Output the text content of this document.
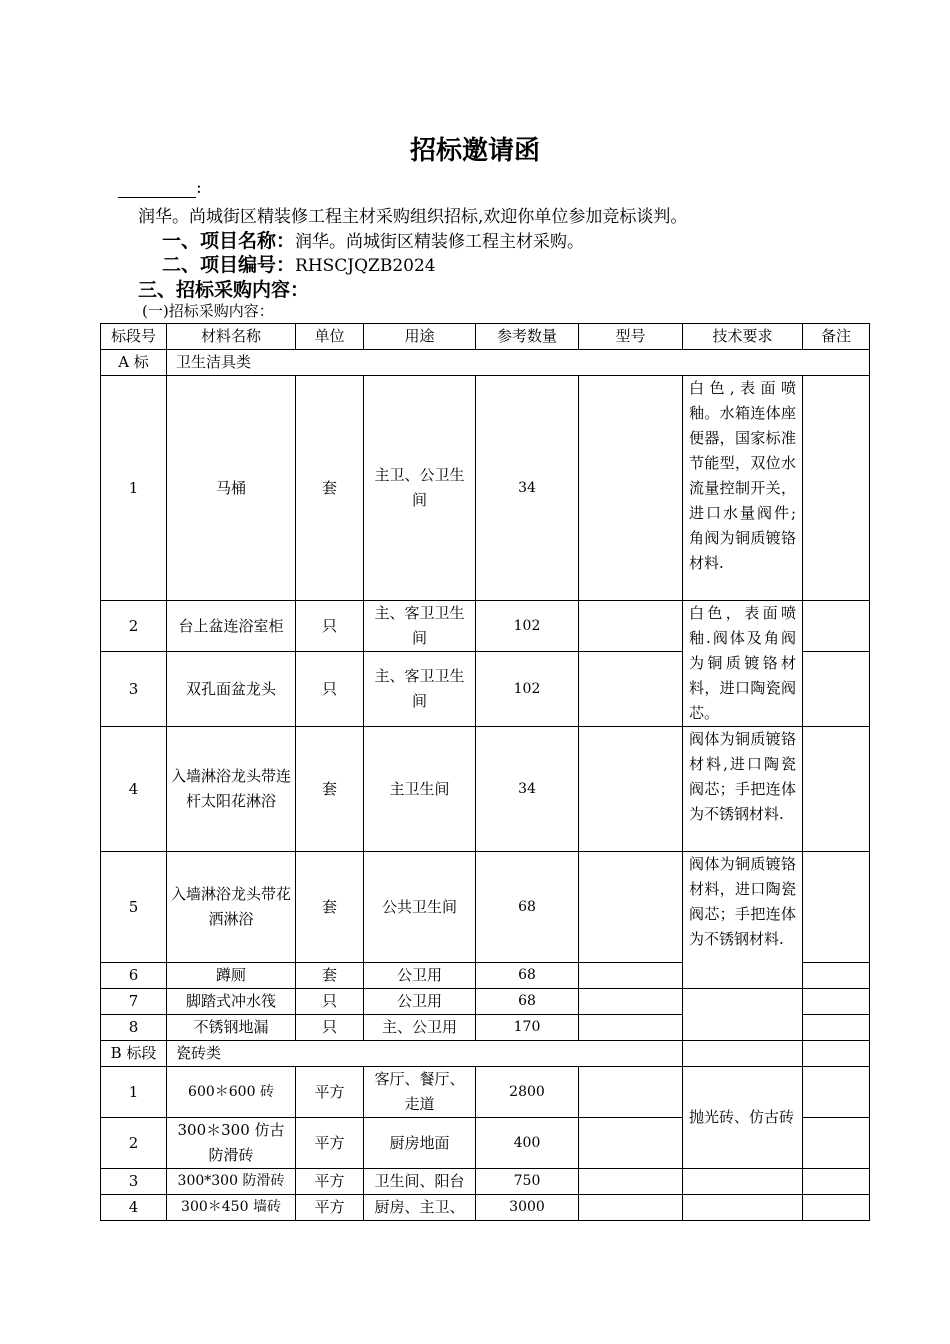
招标邀请函
:
润华。尚城街区精装修工程主材采购组织招标,欢迎你单位参加竞标谈判。
一、项目名称：润华。尚城街区精装修工程主材采购。
二、项目编号：RHSCJQZB2024
三、招标采购内容：
(一)招标采购内容：
标段号	材料名称	单位	用途	参考数量	型号	技术要求	备注
A 标	卫生洁具类						
1	马桶	套	主卫、公卫生间	34		白色,表面喷釉。水箱连体座便器，国家标准节能型，双位水流量控制开关，进口水量阀件;角阀为铜质镀铬材料.	
2	台上盆连浴室柜	只	主、客卫卫生间	102		白色，表面喷釉.阀体及角阀为铜质镀铬材料，进口陶瓷阀芯。	
3	双孔面盆龙头	只	主、客卫卫生间	102			
4	入墙淋浴龙头带连杆太阳花淋浴	套	主卫生间	34		阀体为铜质镀铬材料,进口陶瓷阀芯；手把连体为不锈钢材料.	
5	入墙淋浴龙头带花洒淋浴	套	公共卫生间	68		阀体为铜质镀铬材料，进口陶瓷阀芯；手把连体为不锈钢材料.	
6	蹲厕	套	公卫用	68			
7	脚踏式冲水筏	只	公卫用	68			
8	不锈钢地漏	只	主、公卫用	170			
B 标段	瓷砖类						
1	600＊600 砖	平方	客厅、餐厅、走道	2800		抛光砖、仿古砖	
2	300＊300 仿古防滑砖	平方	厨房地面	400			
3	300*300 防滑砖	平方	卫生间、阳台	750			
4	300＊450 墙砖	平方	厨房、主卫、	3000			
